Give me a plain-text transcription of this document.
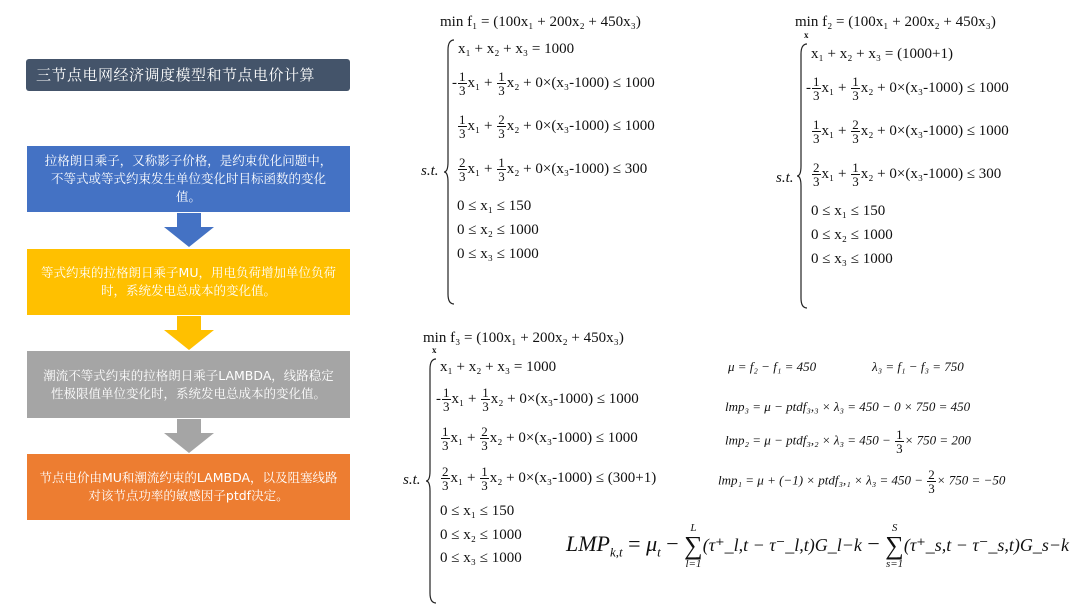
三节点电网经济调度模型和节点电价计算
拉格朗日乘子，又称影子价格，是约束优化问题中，不等式或等式约束发生单位变化时目标函数的变化值。
等式约束的拉格朗日乘子MU，用电负荷增加单位负荷时，系统发电总成本的变化值。
潮流不等式约束的拉格朗日乘子LAMBDA，线路稳定性极限值单位变化时，系统发电总成本的变化值。
节点电价由MU和潮流约束的LAMBDA，以及阻塞线路对该节点功率的敏感因子ptdf决定。
min f₁ = (100x₁ + 200x₂ + 450x₃)
s.t.
x₁ + x₂ + x₃ = 1000
- $\frac{1}{3} x_1 + \frac{1}{3} x_2 + 0\times(x_3-1000) \le 1000$
$\frac{1}{3} x_1 + \frac{2}{3} x_2 + 0\times(x_3-1000) \le 1000$
$\frac{2}{3} x_1 + \frac{1}{3} x_2 + 0\times(x_3-1000) \le 300$
0 ≤ x₁ ≤ 150
0 ≤ x₂ ≤ 1000
0 ≤ x₃ ≤ 1000
min f₂ = (100x₁ + 200x₂ + 450x₃)
x
s.t.
x₁ + x₂ + x₃ = (1000+1)
- $\frac{1}{3} x_1 + \frac{1}{3} x_2 + 0\times(x_3-1000) \le 1000$
$\frac{1}{3} x_1 + \frac{2}{3} x_2 + 0\times(x_3-1000) \le 1000$
$\frac{2}{3} x_1 + \frac{1}{3} x_2 + 0\times(x_3-1000) \le 300$
0 ≤ x₁ ≤ 150
0 ≤ x₂ ≤ 1000
0 ≤ x₃ ≤ 1000
min f₃ = (100x₁ + 200x₂ + 450x₃)
x
s.t.
x₁ + x₂ + x₃ = 1000
- $\frac{1}{3} x_1 + \frac{1}{3} x_2 + 0\times(x_3-1000) \le 1000$
$\frac{1}{3} x_1 + \frac{2}{3} x_2 + 0\times(x_3-1000) \le 1000$
$\frac{2}{3} x_1 + \frac{1}{3} x_2 + 0\times(x_3-1000) \le (300+1)$
0 ≤ x₁ ≤ 150
0 ≤ x₂ ≤ 1000
0 ≤ x₃ ≤ 1000
μ = f₂ − f₁ = 450	λ₃ = f₁ − f₃ = 750
lmp₃ = μ − ptdf₃,₃ × λ₃ = 450 − 0 × 750 = 450
lmp₂ = μ − ptdf₃,₂ × $\lambda_3 = 450 - \frac{1}{3} \times 750 = 200$
lmp₁ = μ + (−1) × ptdf₃,₁ × $\lambda_3 = 450 - \frac{2}{3} \times 750 = -50$
$LMP_{k,t} = \mu_t$ −
L
∑
l=1
(τ⁺_l,t − τ⁻_l,t)G_l−k −
S
∑
s=1
(τ⁺_s,t − τ⁻_s,t)G_s−k
